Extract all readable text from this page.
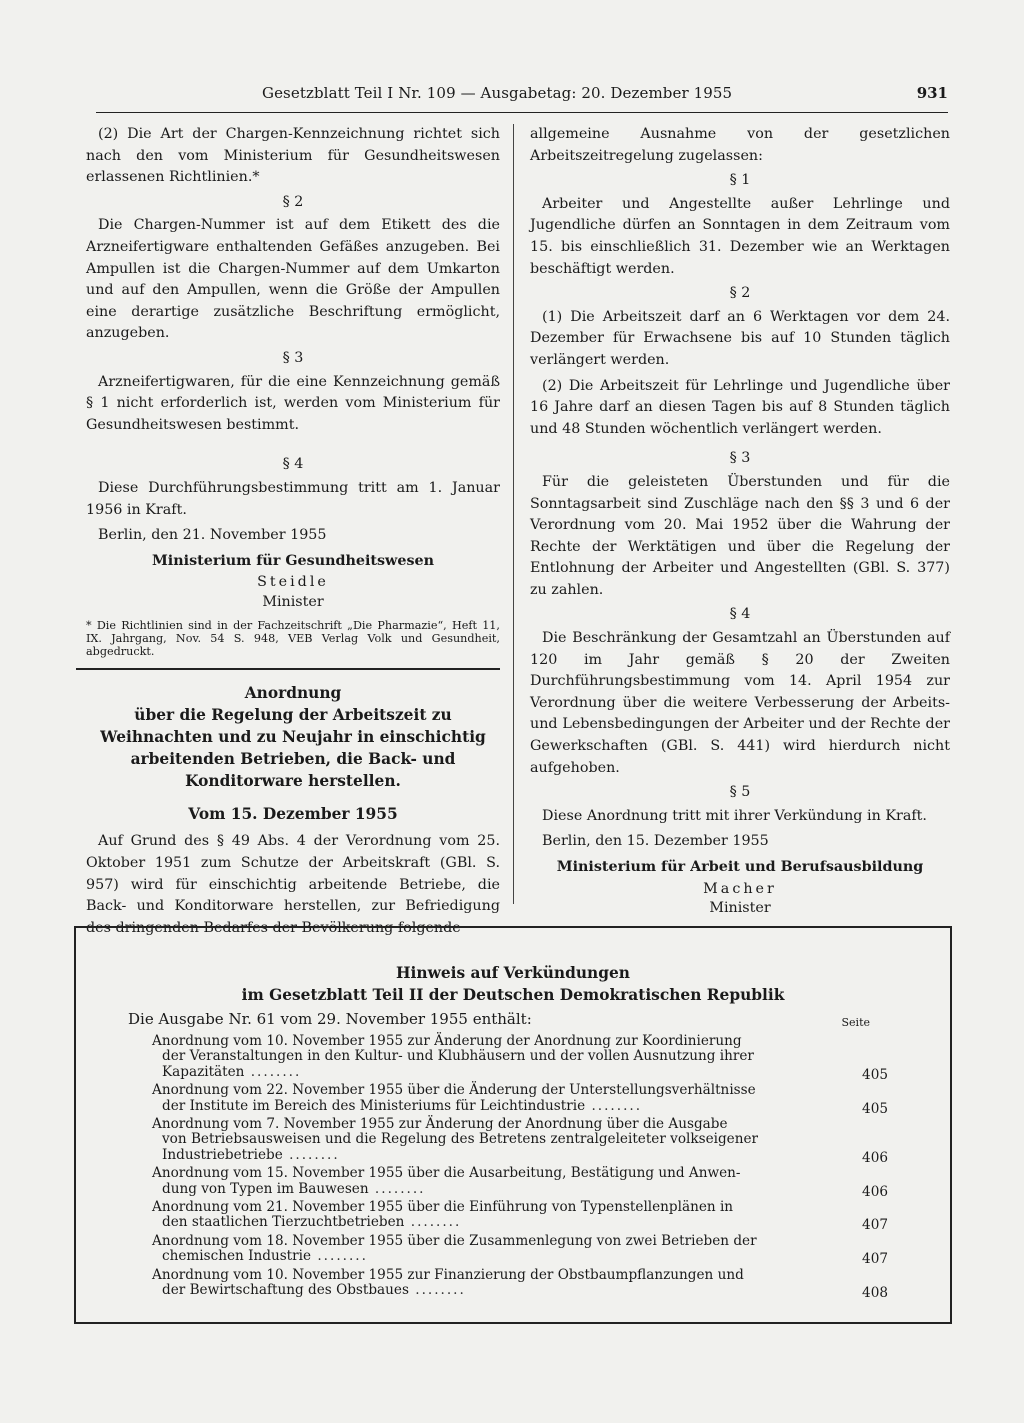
Gesetzblatt Teil I Nr. 109 — Ausgabetag: 20. Dezember 1955	931

(2) Die Art der Chargen-Kennzeichnung richtet sich nach den vom Ministerium für Gesundheitswesen erlassenen Richtlinien.*

§ 2

Die Chargen-Nummer ist auf dem Etikett des die Arzneifertigware enthaltenden Gefäßes anzugeben. Bei Ampullen ist die Chargen-Nummer auf dem Umkarton und auf den Ampullen, wenn die Größe der Ampullen eine derartige zusätzliche Beschriftung ermöglicht, anzugeben.

§ 3

Arzneifertigwaren, für die eine Kennzeichnung gemäß § 1 nicht erforderlich ist, werden vom Ministerium für Gesundheitswesen bestimmt.

§ 4

Diese Durchführungsbestimmung tritt am 1. Januar 1956 in Kraft.

Berlin, den 21. November 1955

Ministerium für Gesundheitswesen
Steidle
Minister

* Die Richtlinien sind in der Fachzeitschrift „Die Pharmazie“, Heft 11, IX. Jahrgang, Nov. 54 S. 948, VEB Verlag Volk und Gesundheit, abgedruckt.

Anordnung
über die Regelung der Arbeitszeit zu Weihnachten und zu Neujahr in einschichtig arbeitenden Betrieben, die Back- und Konditorware herstellen.
Vom 15. Dezember 1955

Auf Grund des § 49 Abs. 4 der Verordnung vom 25. Oktober 1951 zum Schutze der Arbeitskraft (GBl. S. 957) wird für einschichtig arbeitende Betriebe, die Back- und Konditorware herstellen, zur Befriedigung des dringenden Bedarfes der Bevölkerung folgende

allgemeine Ausnahme von der gesetzlichen Arbeitszeitregelung zugelassen:

§ 1

Arbeiter und Angestellte außer Lehrlinge und Jugendliche dürfen an Sonntagen in dem Zeitraum vom 15. bis einschließlich 31. Dezember wie an Werktagen beschäftigt werden.

§ 2

(1) Die Arbeitszeit darf an 6 Werktagen vor dem 24. Dezember für Erwachsene bis auf 10 Stunden täglich verlängert werden.

(2) Die Arbeitszeit für Lehrlinge und Jugendliche über 16 Jahre darf an diesen Tagen bis auf 8 Stunden täglich und 48 Stunden wöchentlich verlängert werden.

§ 3

Für die geleisteten Überstunden und für die Sonntagsarbeit sind Zuschläge nach den §§ 3 und 6 der Verordnung vom 20. Mai 1952 über die Wahrung der Rechte der Werktätigen und über die Regelung der Entlohnung der Arbeiter und Angestellten (GBl. S. 377) zu zahlen.

§ 4

Die Beschränkung der Gesamtzahl an Überstunden auf 120 im Jahr gemäß § 20 der Zweiten Durchführungsbestimmung vom 14. April 1954 zur Verordnung über die weitere Verbesserung der Arbeits- und Lebensbedingungen der Arbeiter und der Rechte der Gewerkschaften (GBl. S. 441) wird hierdurch nicht aufgehoben.

§ 5

Diese Anordnung tritt mit ihrer Verkündung in Kraft.

Berlin, den 15. Dezember 1955

Ministerium für Arbeit und Berufsausbildung
Macher
Minister
Hinweis auf Verkündungen
im Gesetzblatt Teil II der Deutschen Demokratischen Republik
Die Ausgabe Nr. 61 vom 29. November 1955 enthält:	Seite
Anordnung vom 10. November 1955 zur Änderung der Anordnung zur Koordinierung
der Veranstaltungen in den Kultur- und Klubhäusern und der vollen Ausnutzung ihrer Kapazitäten ........	405
Anordnung vom 22. November 1955 über die Änderung der Unterstellungsverhältnisse
der Institute im Bereich des Ministeriums für Leichtindustrie ........	405
Anordnung vom 7. November 1955 zur Änderung der Anordnung über die Ausgabe
von Betriebsausweisen und die Regelung des Betretens zentralgeleiteter volkseigener Industriebetriebe ........	406
Anordnung vom 15. November 1955 über die Ausarbeitung, Bestätigung und Anwen-
dung von Typen im Bauwesen ........	406
Anordnung vom 21. November 1955 über die Einführung von Typenstellenplänen in
den staatlichen Tierzuchtbetrieben ........	407
Anordnung vom 18. November 1955 über die Zusammenlegung von zwei Betrieben der
chemischen Industrie ........	407
Anordnung vom 10. November 1955 zur Finanzierung der Obstbaumpflanzungen und
der Bewirtschaftung des Obstbaues ........	408
